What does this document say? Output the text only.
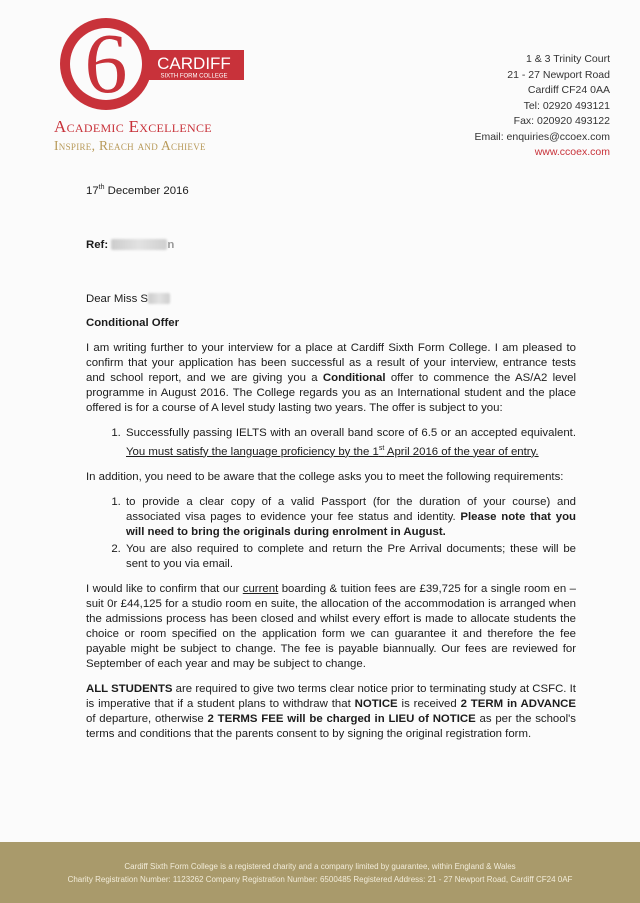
6 CARDIFF
SIXTH FORM COLLEGE
Academic Excellence
Inspire, Reach and Achieve
1 & 3 Trinity Court
21 - 27 Newport Road
Cardiff CF24 0AA
Tel: 02920 493121
Fax: 020920 493122
Email: enquiries@ccoex.com
www.ccoex.com
17th December 2016
Ref:	n
Dear Miss S
Conditional Offer

I am writing further to your interview for a place at Cardiff Sixth Form College. I am pleased to confirm that your application has been successful as a result of your interview, entrance tests and school report, and we are giving you a Conditional offer to commence the AS/A2 level programme in August 2016. The College regards you as an International student and the place offered is for a course of A level study lasting two years. The offer is subject to you:

1. Successfully passing IELTS with an overall band score of 6.5 or an accepted equivalent. You must satisfy the language proficiency by the 1st April 2016 of the year of entry.

In addition, you need to be aware that the college asks you to meet the following requirements:

1. to provide a clear copy of a valid Passport (for the duration of your course) and associated visa pages to evidence your fee status and identity. Please note that you will need to bring the originals during enrolment in August.
2. You are also required to complete and return the Pre Arrival documents; these will be sent to you via email.

I would like to confirm that our current boarding & tuition fees are £39,725 for a single room en –suit 0r £44,125 for a studio room en suite, the allocation of the accommodation is arranged when the admissions process has been closed and whilst every effort is made to allocate students the choice or room specified on the application form we can guarantee it and therefore the fee payable might be subject to change. The fee is payable biannually. Our fees are reviewed for September of each year and may be subject to change.

ALL STUDENTS are required to give two terms clear notice prior to terminating study at CSFC. It is imperative that if a student plans to withdraw that NOTICE is received 2 TERM in ADVANCE of departure, otherwise 2 TERMS FEE will be charged in LIEU of NOTICE as per the school's terms and conditions that the parents consent to by signing the original registration form.

Cardiff Sixth Form College is a registered charity and a company limited by guarantee, within England & Wales
Charity Registration Number: 1123262 Company Registration Number: 6500485 Registered Address: 21 - 27 Newport Road, Cardiff CF24 0AF
